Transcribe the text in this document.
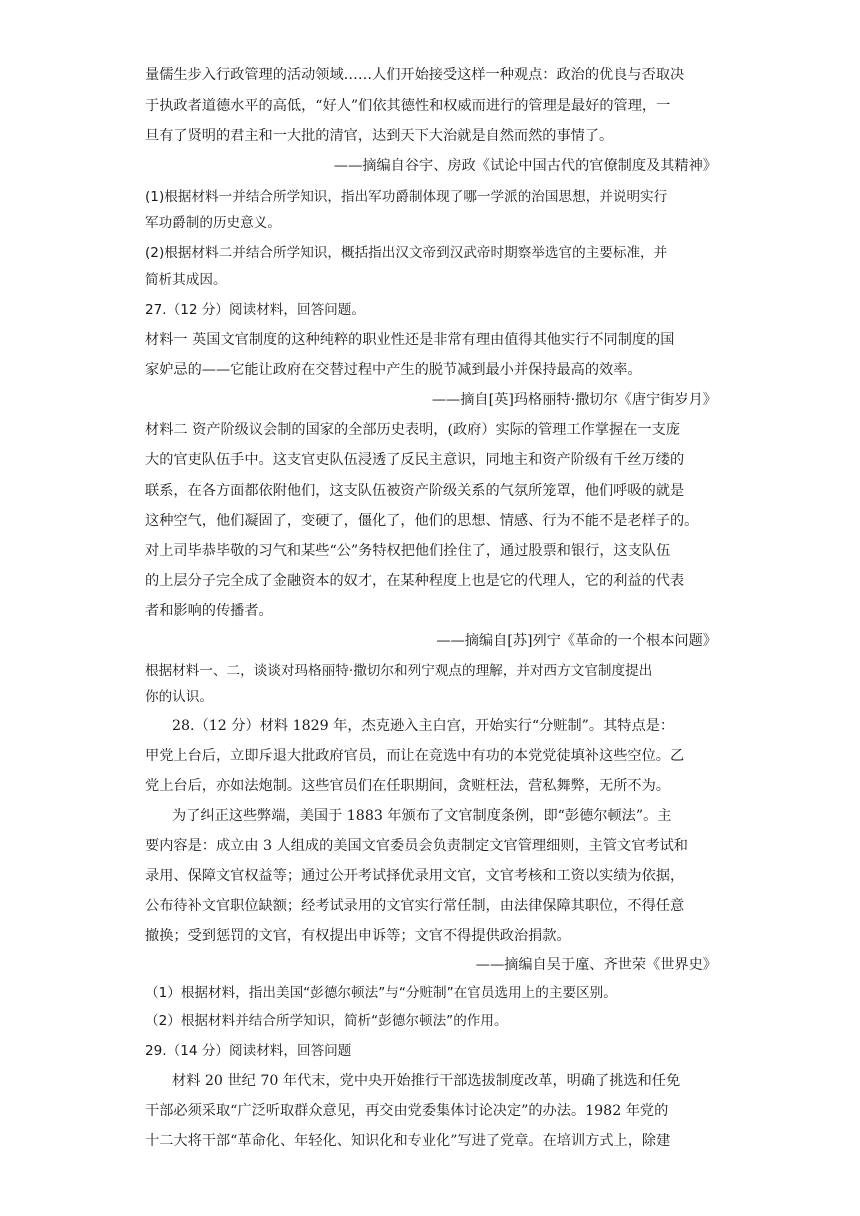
量儒生步入行政管理的活动领域……人们开始接受这样一种观点：政治的优良与否取决
于执政者道德水平的高低，“好人”们依其德性和权威而进行的管理是最好的管理，一
旦有了贤明的君主和一大批的清官，达到天下大治就是自然而然的事情了。
——摘编自谷宇、房政《试论中国古代的官僚制度及其精神》
(1)根据材料一并结合所学知识，指出军功爵制体现了哪一学派的治国思想，并说明实行
军功爵制的历史意义。
(2)根据材料二并结合所学知识，概括指出汉文帝到汉武帝时期察举选官的主要标准，并
简析其成因。
27.（12 分）阅读材料，回答问题。
材料一 英国文官制度的这种纯粹的职业性还是非常有理由值得其他实行不同制度的国
家妒忌的——它能让政府在交替过程中产生的脱节减到最小并保持最高的效率。
——摘自[英]玛格丽特·撒切尔《唐宁街岁月》
材料二 资产阶级议会制的国家的全部历史表明，(政府）实际的管理工作掌握在一支庞
大的官吏队伍手中。这支官吏队伍浸透了反民主意识，同地主和资产阶级有千丝万缕的
联系，在各方面都依附他们，这支队伍被资产阶级关系的气氛所笼罩，他们呼吸的就是
这种空气，他们凝固了，变硬了，僵化了，他们的思想、情感、行为不能不是老样子的。
对上司毕恭毕敬的习气和某些“公”务特权把他们拴住了，通过股票和银行，这支队伍
的上层分子完全成了金融资本的奴才，在某种程度上也是它的代理人，它的利益的代表
者和影响的传播者。
——摘编自[苏]列宁《革命的一个根本问题》
根据材料一、二，谈谈对玛格丽特·撒切尔和列宁观点的理解，并对西方文官制度提出
你的认识。
28.（12 分）材料 1829 年，杰克逊入主白宫，开始实行“分赃制”。其特点是：
甲党上台后，立即斥退大批政府官员，而让在竞选中有功的本党党徒填补这些空位。乙
党上台后，亦如法炮制。这些官员们在任职期间，贪赃枉法，营私舞弊，无所不为。
为了纠正这些弊端，美国于 1883 年颁布了文官制度条例，即“彭德尔顿法”。主
要内容是：成立由 3 人组成的美国文官委员会负责制定文官管理细则，主管文官考试和
录用、保障文官权益等；通过公开考试择优录用文官，文官考核和工资以实绩为依据，
公布待补文官职位缺额；经考试录用的文官实行常任制，由法律保障其职位，不得任意
撤换；受到惩罚的文官，有权提出申诉等；文官不得提供政治捐款。
——摘编自吴于廑、齐世荣《世界史》
（1）根据材料，指出美国“彭德尔顿法”与“分赃制”在官员选用上的主要区别。
（2）根据材料并结合所学知识，简析“彭德尔顿法”的作用。
29.（14 分）阅读材料，回答问题
材料 20 世纪 70 年代末，党中央开始推行干部选拔制度改革，明确了挑选和任免
干部必须采取“广泛听取群众意见，再交由党委集体讨论决定”的办法。1982 年党的
十二大将干部“革命化、年轻化、知识化和专业化”写进了党章。在培训方式上，除建
